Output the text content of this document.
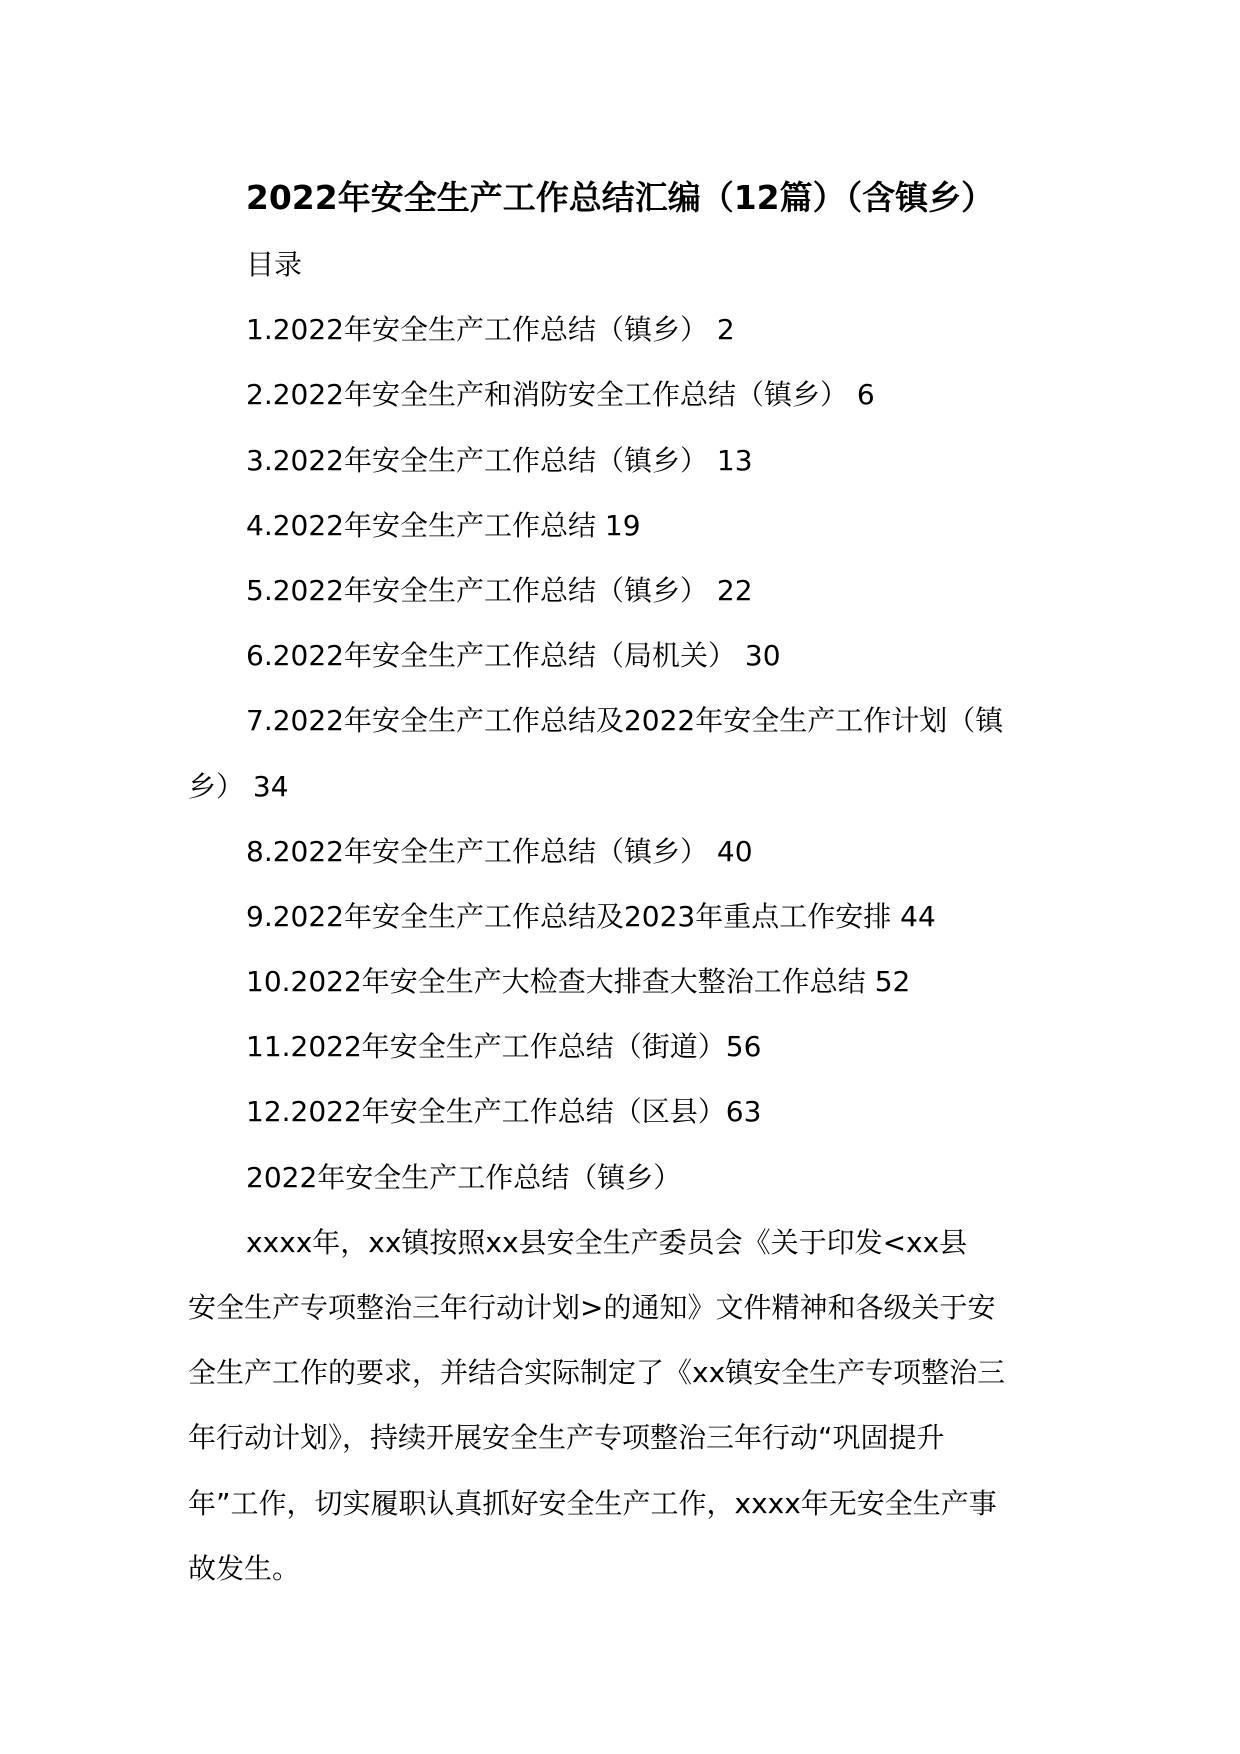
2022年安全生产工作总结汇编（12篇）（含镇乡）
目录
1.2022年安全生产工作总结（镇乡） 2
2.2022年安全生产和消防安全工作总结（镇乡） 6
3.2022年安全生产工作总结（镇乡） 13
4.2022年安全生产工作总结 19
5.2022年安全生产工作总结（镇乡） 22
6.2022年安全生产工作总结（局机关） 30
7.2022年安全生产工作总结及2022年安全生产工作计划（镇
乡） 34
8.2022年安全生产工作总结（镇乡） 40
9.2022年安全生产工作总结及2023年重点工作安排 44
10.2022年安全生产大检查大排查大整治工作总结 52
11.2022年安全生产工作总结（街道）56
12.2022年安全生产工作总结（区县）63
2022年安全生产工作总结（镇乡）
xxxx年，xx镇按照xx县安全生产委员会《关于印发<xx县
安全生产专项整治三年行动计划>的通知》文件精神和各级关于安
全生产工作的要求，并结合实际制定了《xx镇安全生产专项整治三
年行动计划》，持续开展安全生产专项整治三年行动“巩固提升
年”工作，切实履职认真抓好安全生产工作，xxxx年无安全生产事
故发生。
